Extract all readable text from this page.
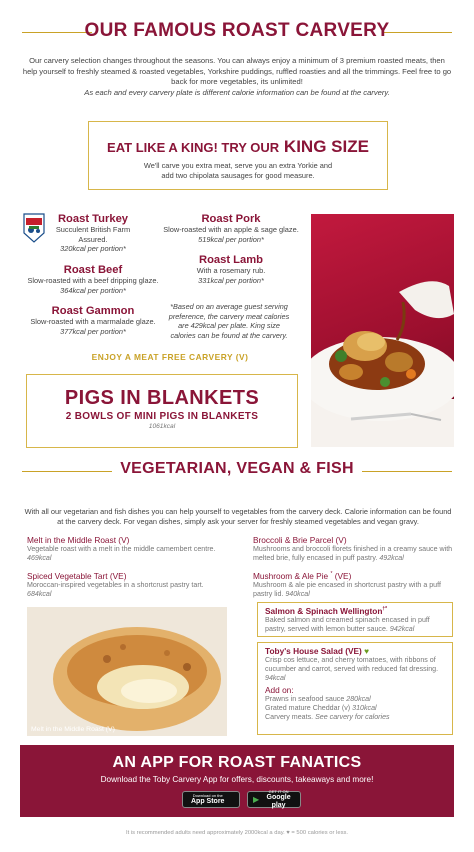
OUR FAMOUS ROAST CARVERY
Our carvery selection changes throughout the seasons. You can always enjoy a minimum of 3 premium roasted meats, then help yourself to freshly steamed & roasted vegetables, Yorkshire puddings, ruffled roasties and all the trimmings. Feel free to go back for more vegetables, its unlimited!
As each and every carvery plate is different calorie information can be found at the carvery.
EAT LIKE A KING! TRY OUR KING SIZE
We'll carve you extra meat, serve you an extra Yorkie and add two chipolata sausages for good measure.
Roast Turkey
Succulent British Farm Assured.
320kcal per portion*
Roast Beef
Slow-roasted with a beef dripping glaze. 364kcal per portion*
Roast Gammon
Slow-roasted with a marmalade glaze. 377kcal per portion*
Roast Pork
Slow-roasted with an apple & sage glaze. 519kcal per portion*
Roast Lamb
With a rosemary rub.
331kcal per portion*
*Based on an average guest serving preference, the carvery meat calories are 429kcal per plate. King size calories can be found at the carvery.
ENJOY A MEAT FREE CARVERY (V)
PIGS IN BLANKETS
2 BOWLS OF MINI PIGS IN BLANKETS
1061kcal
VEGETARIAN, VEGAN & FISH
With all our vegetarian and fish dishes you can help yourself to vegetables from the carvery deck. Calorie information can be found at the carvery deck. For vegan dishes, simply ask your server for freshly steamed vegetables and vegan gravy.
Melt in the Middle Roast (V)
Vegetable roast with a melt in the middle camembert centre. 469kcal
Spiced Vegetable Tart (VE)
Moroccan-inspired vegetables in a shortcrust pastry tart. 684kcal
Melt in the Middle Roast (V)
Broccoli & Brie Parcel (V)
Mushrooms and broccoli florets finished in a creamy sauce with melted brie, fully encased in puff pastry. 492kcal
Mushroom & Ale Pie * (VE)
Mushroom & ale pie encased in shortcrust pastry with a puff pastry lid. 940kcal
Salmon & Spinach Wellington†*
Baked salmon and creamed spinach encased in puff pastry, served with lemon butter sauce. 942kcal
Toby's House Salad (VE) ♥
Crisp cos lettuce, and cherry tomatoes, with ribbons of cucumber and carrot, served with reduced fat dressing. 94kcal
Add on:
Prawns in seafood sauce 280kcal
Grated mature Cheddar (v) 310kcal
Carvery meats. See carvery for calories
AN APP FOR ROAST FANATICS
Download the Toby Carvery App for offers, discounts, takeaways and more!
Download on the
App Store	▶
GET IT ON
Google play
It is recommended adults need approximately 2000kcal a day. ♥ = 500 calories or less.
